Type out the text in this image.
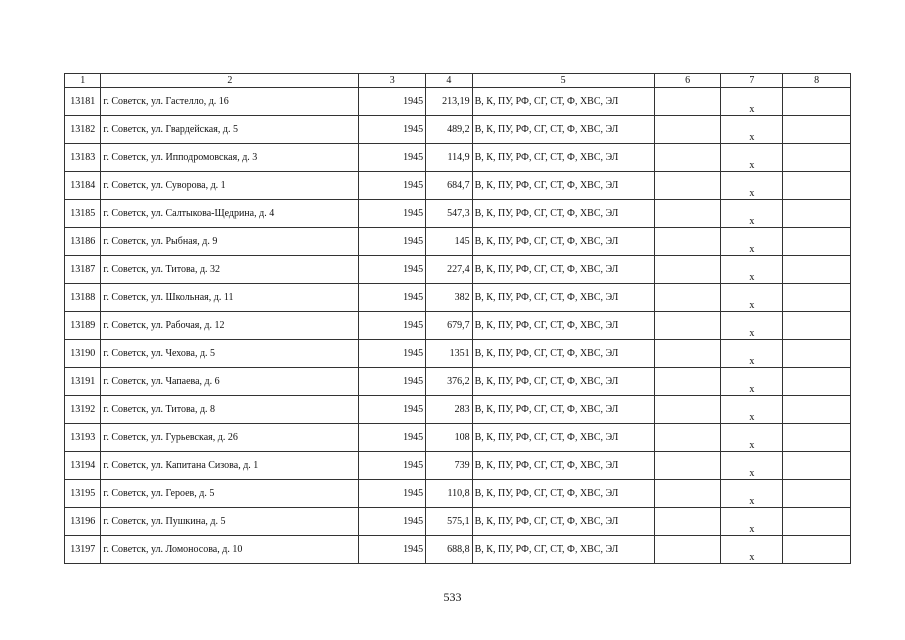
1	2	3	4	5	6	7	8
13181	г. Советск, ул. Гастелло, д. 16	1945	213,19	В, К, ПУ, РФ, СГ, СТ, Ф, ХВС, ЭЛ		x	
13182	г. Советск, ул. Гвардейская, д. 5	1945	489,2	В, К, ПУ, РФ, СГ, СТ, Ф, ХВС, ЭЛ		x	
13183	г. Советск, ул. Ипподромовская, д. 3	1945	114,9	В, К, ПУ, РФ, СГ, СТ, Ф, ХВС, ЭЛ		x	
13184	г. Советск, ул. Суворова, д. 1	1945	684,7	В, К, ПУ, РФ, СГ, СТ, Ф, ХВС, ЭЛ		x	
13185	г. Советск, ул. Салтыкова-Щедрина, д. 4	1945	547,3	В, К, ПУ, РФ, СГ, СТ, Ф, ХВС, ЭЛ		x	
13186	г. Советск, ул. Рыбная, д. 9	1945	145	В, К, ПУ, РФ, СГ, СТ, Ф, ХВС, ЭЛ		x	
13187	г. Советск, ул. Титова, д. 32	1945	227,4	В, К, ПУ, РФ, СГ, СТ, Ф, ХВС, ЭЛ		x	
13188	г. Советск, ул. Школьная, д. 11	1945	382	В, К, ПУ, РФ, СГ, СТ, Ф, ХВС, ЭЛ		x	
13189	г. Советск, ул. Рабочая, д. 12	1945	679,7	В, К, ПУ, РФ, СГ, СТ, Ф, ХВС, ЭЛ		x	
13190	г. Советск, ул. Чехова, д. 5	1945	1351	В, К, ПУ, РФ, СГ, СТ, Ф, ХВС, ЭЛ		x	
13191	г. Советск, ул. Чапаева, д. 6	1945	376,2	В, К, ПУ, РФ, СГ, СТ, Ф, ХВС, ЭЛ		x	
13192	г. Советск, ул. Титова, д. 8	1945	283	В, К, ПУ, РФ, СГ, СТ, Ф, ХВС, ЭЛ		x	
13193	г. Советск, ул. Гурьевская, д. 26	1945	108	В, К, ПУ, РФ, СГ, СТ, Ф, ХВС, ЭЛ		x	
13194	г. Советск, ул. Капитана Сизова, д. 1	1945	739	В, К, ПУ, РФ, СГ, СТ, Ф, ХВС, ЭЛ		x	
13195	г. Советск, ул. Героев, д. 5	1945	110,8	В, К, ПУ, РФ, СГ, СТ, Ф, ХВС, ЭЛ		x	
13196	г. Советск, ул. Пушкина, д. 5	1945	575,1	В, К, ПУ, РФ, СГ, СТ, Ф, ХВС, ЭЛ		x	
13197	г. Советск, ул. Ломоносова, д. 10	1945	688,8	В, К, ПУ, РФ, СГ, СТ, Ф, ХВС, ЭЛ		x	
533
